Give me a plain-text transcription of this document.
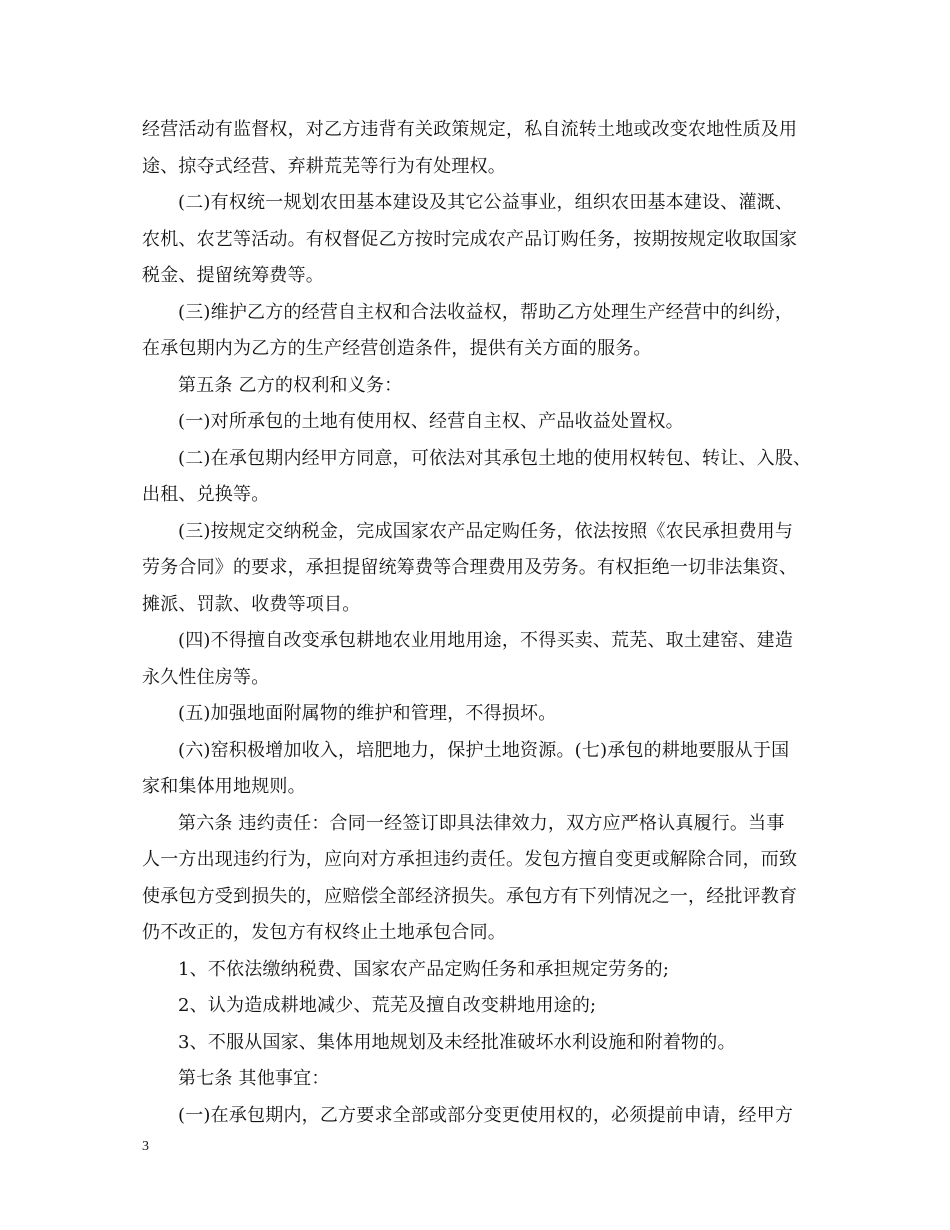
经营活动有监督权，对乙方违背有关政策规定，私自流转土地或改变农地性质及用

途、掠夺式经营、弃耕荒芜等行为有处理权。

(二)有权统一规划农田基本建设及其它公益事业，组织农田基本建设、灌溉、

农机、农艺等活动。有权督促乙方按时完成农产品订购任务，按期按规定收取国家

税金、提留统筹费等。

(三)维护乙方的经营自主权和合法收益权，帮助乙方处理生产经营中的纠纷，

在承包期内为乙方的生产经营创造条件，提供有关方面的服务。

第五条 乙方的权利和义务：

(一)对所承包的土地有使用权、经营自主权、产品收益处置权。

(二)在承包期内经甲方同意，可依法对其承包土地的使用权转包、转让、入股、

出租、兑换等。

(三)按规定交纳税金，完成国家农产品定购任务，依法按照《农民承担费用与

劳务合同》的要求，承担提留统筹费等合理费用及劳务。有权拒绝一切非法集资、

摊派、罚款、收费等项目。

(四)不得擅自改变承包耕地农业用地用途，不得买卖、荒芜、取土建窑、建造

永久性住房等。

(五)加强地面附属物的维护和管理，不得损坏。

(六)窑积极增加收入，培肥地力，保护土地资源。(七)承包的耕地要服从于国

家和集体用地规则。

第六条 违约责任：合同一经签订即具法律效力，双方应严格认真履行。当事

人一方出现违约行为，应向对方承担违约责任。发包方擅自变更或解除合同，而致

使承包方受到损失的，应赔偿全部经济损失。承包方有下列情况之一，经批评教育

仍不改正的，发包方有权终止土地承包合同。

1、不依法缴纳税费、国家农产品定购任务和承担规定劳务的;

2、认为造成耕地减少、荒芜及擅自改变耕地用途的;

3、不服从国家、集体用地规划及未经批准破坏水利设施和附着物的。

第七条 其他事宜：

(一)在承包期内，乙方要求全部或部分变更使用权的，必须提前申请，经甲方

3
